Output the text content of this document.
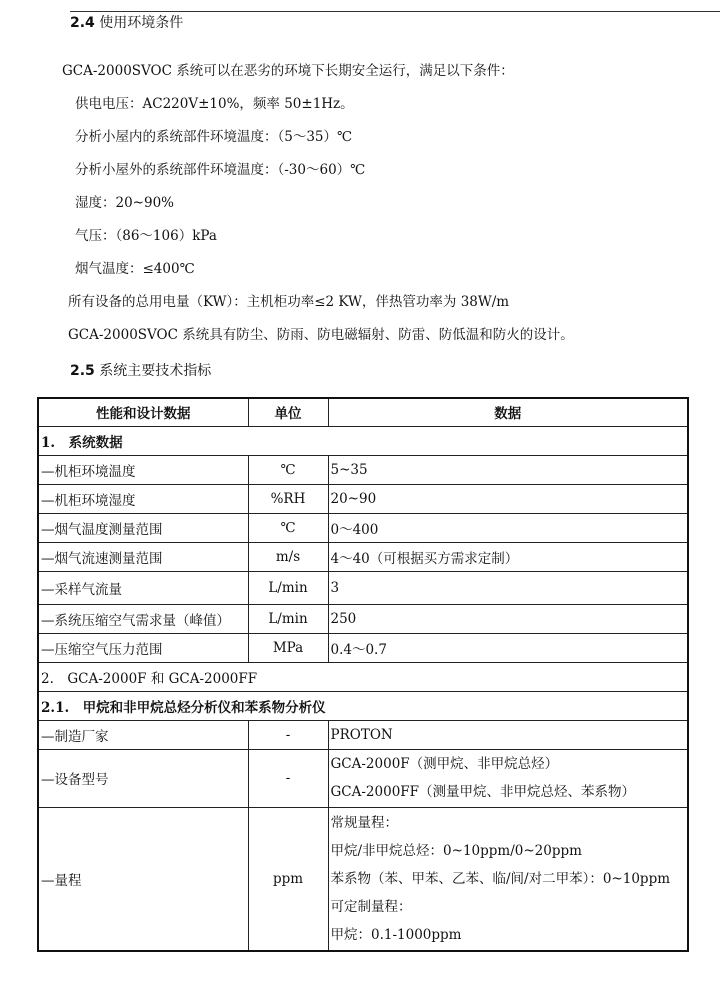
2.4 使用环境条件
GCA-2000SVOC 系统可以在恶劣的环境下长期安全运行，满足以下条件：
供电电压：AC220V±10%，频率 50±1Hz。
分析小屋内的系统部件环境温度：（5～35）℃
分析小屋外的系统部件环境温度：（-30～60）℃
湿度：20~90%
气压：（86～106）kPa
烟气温度：≤400℃
所有设备的总用电量（KW）：主机柜功率≤2 KW，伴热管功率为 38W/m
GCA-2000SVOC 系统具有防尘、防雨、防电磁辐射、防雷、防低温和防火的设计。
2.5 系统主要技术指标
性能和设计数据	单位	数据
1.　系统数据		
—机柜环境温度	℃	5~35
—机柜环境湿度	%RH	20~90
—烟气温度测量范围	℃	0～400
—烟气流速测量范围	m/s	4～40（可根据买方需求定制）
—采样气流量	L/min	3
—系统压缩空气需求量（峰值）	L/min	250
—压缩空气压力范围	MPa	0.4～0.7
2.　GCA-2000F 和 GCA-2000FF		
2.1.　甲烷和非甲烷总烃分析仪和苯系物分析仪		
—制造厂家	-	PROTON
—设备型号	-	GCA-2000F（测甲烷、非甲烷总烃）
GCA-2000FF（测量甲烷、非甲烷总烃、苯系物）

—量程	ppm	常规量程：
甲烷/非甲烷总烃：0~10ppm/0~20ppm
苯系物（苯、甲苯、乙苯、临/间/对二甲苯）：0~10ppm
可定制量程：
甲烷：0.1-1000ppm
